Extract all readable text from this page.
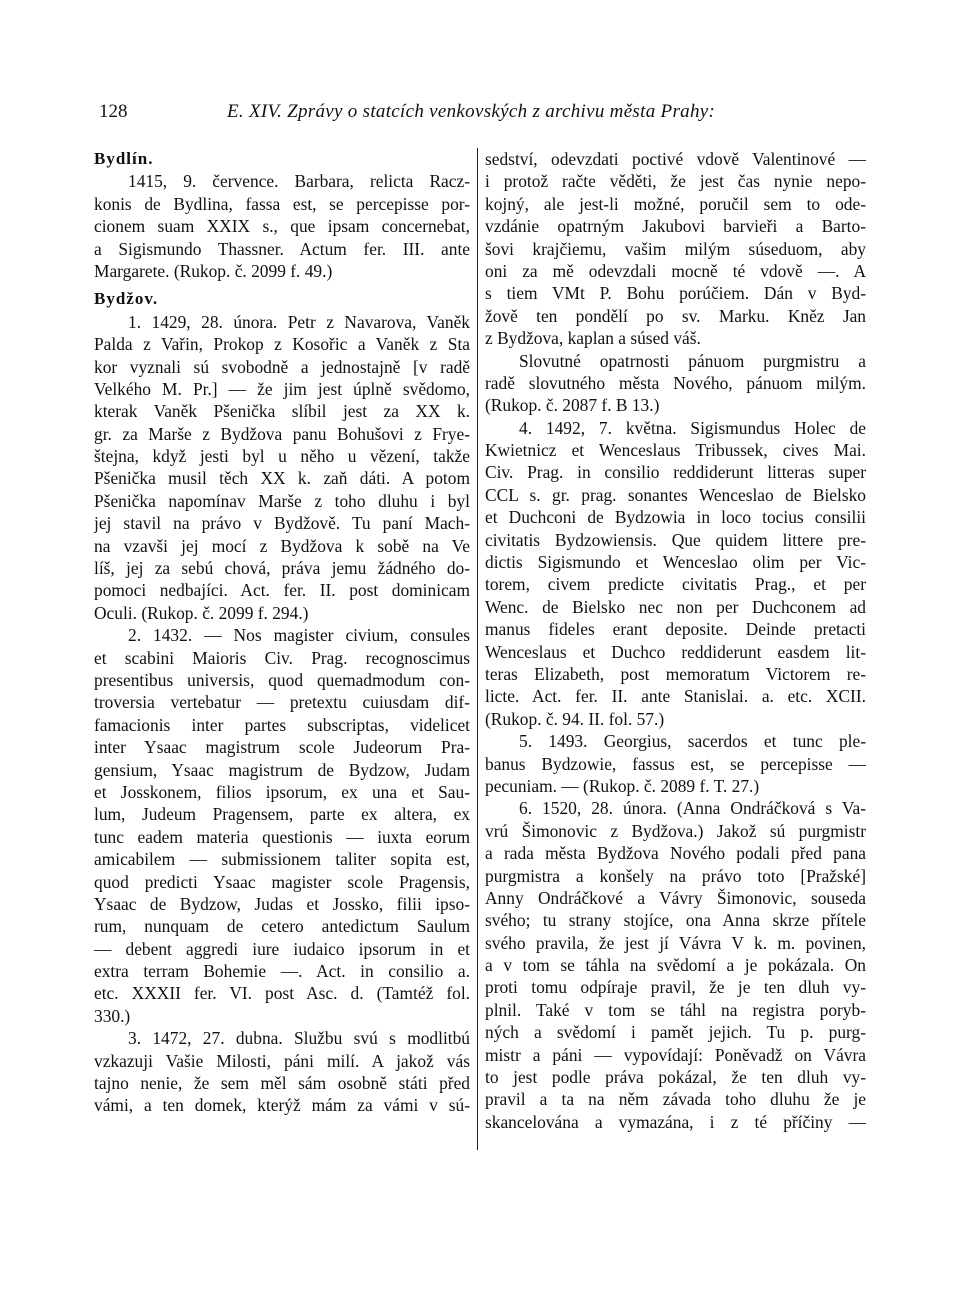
128	E. XIV. Zprávy o statcích venkovských z archivu města Prahy:
Bydlín.
1415, 9. července. Barbara, relicta Racz-
konis de Bydlina, fassa est, se percepisse por-
cionem suam XXIX s., que ipsam concernebat,
a Sigismundo Thassner. Actum fer. III. ante
Margarete. (Rukop. č. 2099 f. 49.)
Bydžov.
1. 1429, 28. února. Petr z Navarova, Vaněk
Palda z Vařin, Prokop z Kosořic a Vaněk z Sta
kor vyznali sú svobodně a jednostajně [v radě
Velkého M. Pr.] — že jim jest úplně svědomo,
kterak Vaněk Pšenička slíbil jest za XX k.
gr. za Marše z Bydžova panu Bohušovi z Frye-
štejna, když jesti byl u něho u vězení, takže
Pšenička musil těch XX k. zaň dáti. A potom
Pšenička napomínav Marše z toho dluhu i byl
jej stavil na právo v Bydžově. Tu paní Mach-
na vzavši jej mocí z Bydžova k sobě na Ve
líš, jej za sebú chová, práva jemu žádného do-
pomoci nedbajíci. Act. fer. II. post dominicam
Oculi. (Rukop. č. 2099 f. 294.)
2. 1432. — Nos magister civium, consules
et scabini Maioris Civ. Prag. recognoscimus
presentibus universis, quod quemadmodum con-
troversia vertebatur — pretextu cuiusdam dif-
famacionis inter partes subscriptas, videlicet
inter Ysaac magistrum scole Judeorum Pra-
gensium, Ysaac magistrum de Bydzow, Judam
et Josskonem, filios ipsorum, ex una et Sau-
lum, Judeum Pragensem, parte ex altera, ex
tunc eadem materia questionis — iuxta eorum
amicabilem — submissionem taliter sopita est,
quod predicti Ysaac magister scole Pragensis,
Ysaac de Bydzow, Judas et Jossko, filii ipso-
rum, nunquam de cetero antedictum Saulum
— debent aggredi iure iudaico ipsorum in et
extra terram Bohemie —. Act. in consilio a.
etc. XXXII fer. VI. post Asc. d. (Tamtéž fol.
330.)
3. 1472, 27. dubna. Službu svú s modlitbú
vzkazuji Vašie Milosti, páni milí. A jakož vás
tajno nenie, že sem měl sám osobně státi před
vámi, a ten domek, kterýž mám za vámi v sú-
sedství, odevzdati poctivé vdově Valentinové —
i protož račte věděti, že jest čas nynie nepo-
kojný, ale jest-li možné, poručil sem to ode-
vzdánie opatrným Jakubovi barvieři a Barto-
šovi krajčiemu, vašim milým súseduom, aby
oni za mě odevzdali mocně té vdově —. A
s tiem VMt P. Bohu porúčiem. Dán v Byd-
žově ten pondělí po sv. Marku. Kněz Jan
z Bydžova, kaplan a súsed váš.
Slovutné opatrnosti pánuom purgmistru a
radě slovutného města Nového, pánuom milým.
(Rukop. č. 2087 f. B 13.)
4. 1492, 7. května. Sigismundus Holec de
Kwietnicz et Wenceslaus Tribussek, cives Mai.
Civ. Prag. in consilio reddiderunt litteras super
CCL s. gr. prag. sonantes Wenceslao de Bielsko
et Duchconi de Bydzowia in loco tocius consilii
civitatis Bydzowiensis. Que quidem littere pre-
dictis Sigismundo et Wenceslao olim per Vic-
torem, civem predicte civitatis Prag., et per
Wenc. de Bielsko nec non per Duchconem ad
manus fideles erant deposite. Deinde pretacti
Wenceslaus et Duchco reddiderunt easdem lit-
teras Elizabeth, post memoratum Victorem re-
licte. Act. fer. II. ante Stanislai. a. etc. XCII.
(Rukop. č. 94. II. fol. 57.)
5. 1493. Georgius, sacerdos et tunc ple-
banus Bydzowie, fassus est, se percepisse —
pecuniam. — (Rukop. č. 2089 f. T. 27.)
6. 1520, 28. února. (Anna Ondráčková s Va-
vrú Šimonovic z Bydžova.) Jakož sú purgmistr
a rada města Bydžova Nového podali před pana
purgmistra a konšely na právo toto [Pražské]
Anny Ondráčkové a Vávry Šimonovic, souseda
svého; tu strany stojíce, ona Anna skrze přítele
svého pravila, že jest jí Vávra V k. m. povinen,
a v tom se táhla na svědomí a je pokázala. On
proti tomu odpíraje pravil, že je ten dluh vy-
plnil. Také v tom se táhl na registra poryb-
ných a svědomí i pamět jejich. Tu p. purg-
mistr a páni — vypovídají: Poněvadž on Vávra
to jest podle práva pokázal, že ten dluh vy-
pravil a ta na něm závada toho dluhu že je
skancelována a vymazána, i z té příčiny —
